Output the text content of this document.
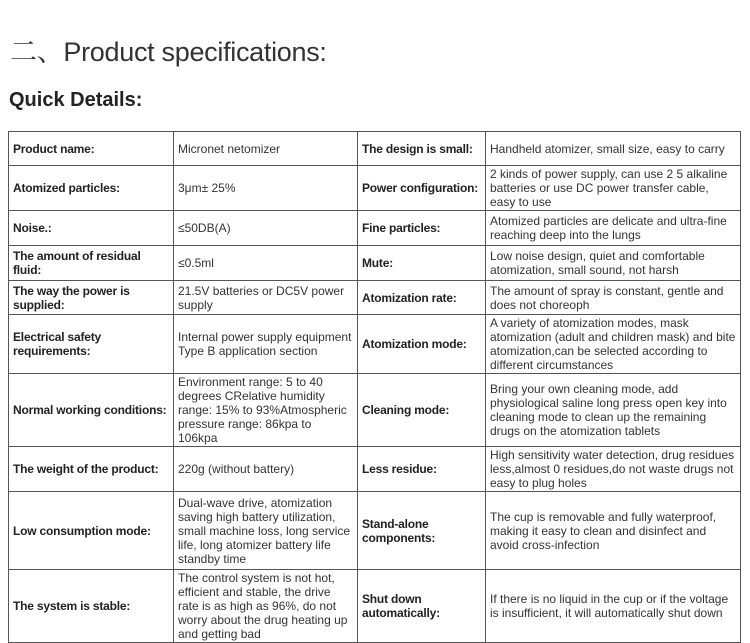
二、Product specifications:
Quick Details:
Product name:	Micronet netomizer	The design is small:	Handheld atomizer, small size, easy to carry
Atomized particles:	3μm± 25%	Power configuration:	2 kinds of power supply, can use 2 5 alkaline batteries or use DC power transfer cable, easy to use
Noise.:	≤50DB(A)	Fine particles:	Atomized particles are delicate and ultra-fine reaching deep into the lungs
The amount of residual fluid:	≤0.5ml	Mute:	Low noise design, quiet and comfortable atomization, small sound, not harsh
The way the power is supplied:	21.5V batteries or DC5V power supply	Atomization rate:	The amount of spray is constant, gentle and does not choreoph
Electrical safety requirements:	Internal power supply equipment Type B application section	Atomization mode:	A variety of atomization modes, mask atomization (adult and children mask) and bite atomization,can be selected according to different circumstances
Normal working conditions:	Environment range: 5 to 40 degrees CRelative humidity range: 15% to 93%Atmospheric pressure range: 86kpa to 106kpa	Cleaning mode:	Bring your own cleaning mode, add physiological saline long press open key into cleaning mode to clean up the remaining drugs on the atomization tablets
The weight of the product:	220g (without battery)	Less residue:	High sensitivity water detection, drug residues less,almost 0 residues,do not waste drugs not easy to plug holes
Low consumption mode:	Dual-wave drive, atomization saving high battery utilization, small machine loss, long service life, long atomizer battery life standby time	Stand-alone components:	The cup is removable and fully waterproof, making it easy to clean and disinfect and avoid cross-infection
The system is stable:	The control system is not hot, efficient and stable, the drive rate is as high as 96%, do not worry about the drug heating up and getting bad	Shut down automatically:	If there is no liquid in the cup or if the voltage is insufficient, it will automatically shut down
